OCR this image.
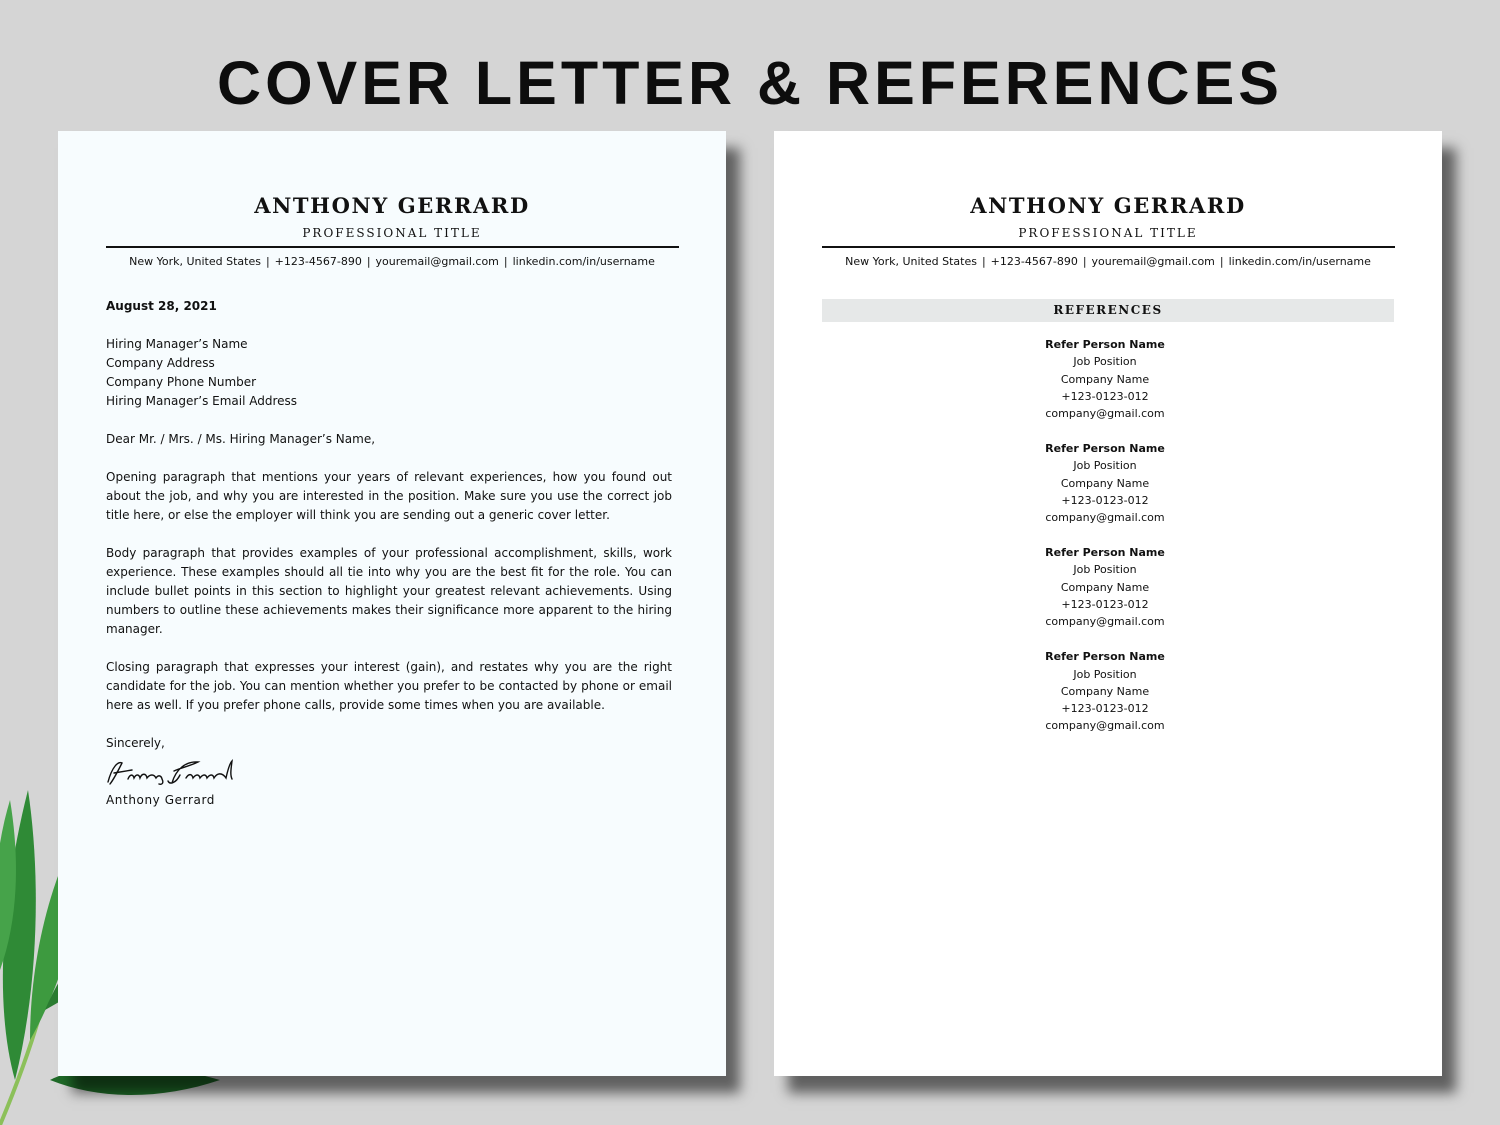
COVER LETTER & REFERENCES
ANTHONY GERRARD
PROFESSIONAL TITLE
New York, United States | +123-4567-890 | youremail@gmail.com | linkedin.com/in/username

August 28, 2021

Hiring Manager’s Name

Company Address

Company Phone Number

Hiring Manager’s Email Address

Dear Mr. / Mrs. / Ms. Hiring Manager’s Name,

Opening paragraph that mentions your years of relevant experiences, how you found out about the job, and why you are interested in the position. Make sure you use the correct job title here, or else the employer will think you are sending out a generic cover letter.

Body paragraph that provides examples of your professional accomplishment, skills, work experience. These examples should all tie into why you are the best fit for the role. You can include bullet points in this section to highlight your greatest relevant achievements. Using numbers to outline these achievements makes their significance more apparent to the hiring manager.

Closing paragraph that expresses your interest (gain), and restates why you are the right candidate for the job. You can mention whether you prefer to be contacted by phone or email here as well. If you prefer phone calls, provide some times when you are available.

Sincerely,

Anthony Gerrard

ANTHONY GERRARD
PROFESSIONAL TITLE
New York, United States | +123-4567-890 | youremail@gmail.com | linkedin.com/in/username
REFERENCES
Refer Person Name
Job Position
Company Name
+123-0123-012
company@gmail.com
Refer Person Name
Job Position
Company Name
+123-0123-012
company@gmail.com
Refer Person Name
Job Position
Company Name
+123-0123-012
company@gmail.com
Refer Person Name
Job Position
Company Name
+123-0123-012
company@gmail.com
